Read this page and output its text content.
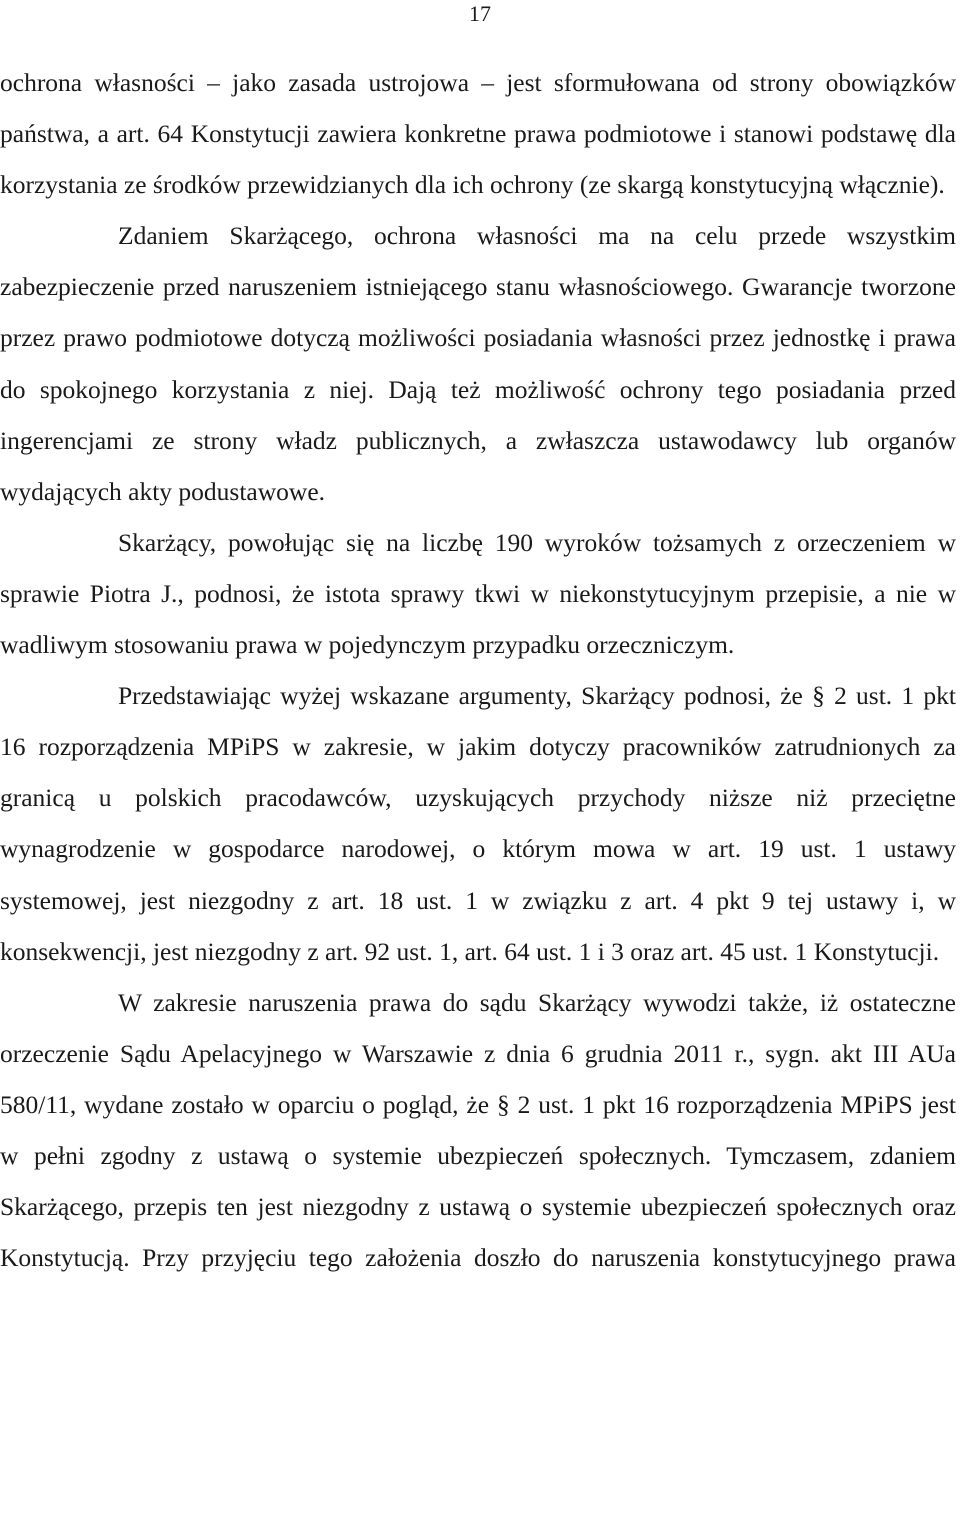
17

ochrona własności – jako zasada ustrojowa – jest sformułowana od strony obowiązków państwa, a art. 64 Konstytucji zawiera konkretne prawa podmiotowe i stanowi podstawę dla korzystania ze środków przewidzianych dla ich ochrony (ze skargą konstytucyjną włącznie).

Zdaniem Skarżącego, ochrona własności ma na celu przede wszystkim zabezpieczenie przed naruszeniem istniejącego stanu własnościowego. Gwarancje tworzone przez prawo podmiotowe dotyczą możliwości posiadania własności przez jednostkę i prawa do spokojnego korzystania z niej. Dają też możliwość ochrony tego posiadania przed ingerencjami ze strony władz publicznych, a zwłaszcza ustawodawcy lub organów wydających akty podustawowe.

Skarżący, powołując się na liczbę 190 wyroków tożsamych z orzeczeniem w sprawie Piotra J., podnosi, że istota sprawy tkwi w niekonstytucyjnym przepisie, a nie w wadliwym stosowaniu prawa w pojedynczym przypadku orzeczniczym.

Przedstawiając wyżej wskazane argumenty, Skarżący podnosi, że § 2 ust. 1 pkt 16 rozporządzenia MPiPS w zakresie, w jakim dotyczy pracowników zatrudnionych za granicą u polskich pracodawców, uzyskujących przychody niższe niż przeciętne wynagrodzenie w gospodarce narodowej, o którym mowa w art. 19 ust. 1 ustawy systemowej, jest niezgodny z art. 18 ust. 1 w związku z art. 4 pkt 9 tej ustawy i, w konsekwencji, jest niezgodny z art. 92 ust. 1, art. 64 ust. 1 i 3 oraz art. 45 ust. 1 Konstytucji.

W zakresie naruszenia prawa do sądu Skarżący wywodzi także, iż ostateczne orzeczenie Sądu Apelacyjnego w Warszawie z dnia 6 grudnia 2011 r., sygn. akt III AUa 580/11, wydane zostało w oparciu o pogląd, że § 2 ust. 1 pkt 16 rozporządzenia MPiPS jest w pełni zgodny z ustawą o systemie ubezpieczeń społecznych. Tymczasem, zdaniem Skarżącego, przepis ten jest niezgodny z ustawą o systemie ubezpieczeń społecznych oraz Konstytucją. Przy przyjęciu tego założenia doszło do naruszenia konstytucyjnego prawa
